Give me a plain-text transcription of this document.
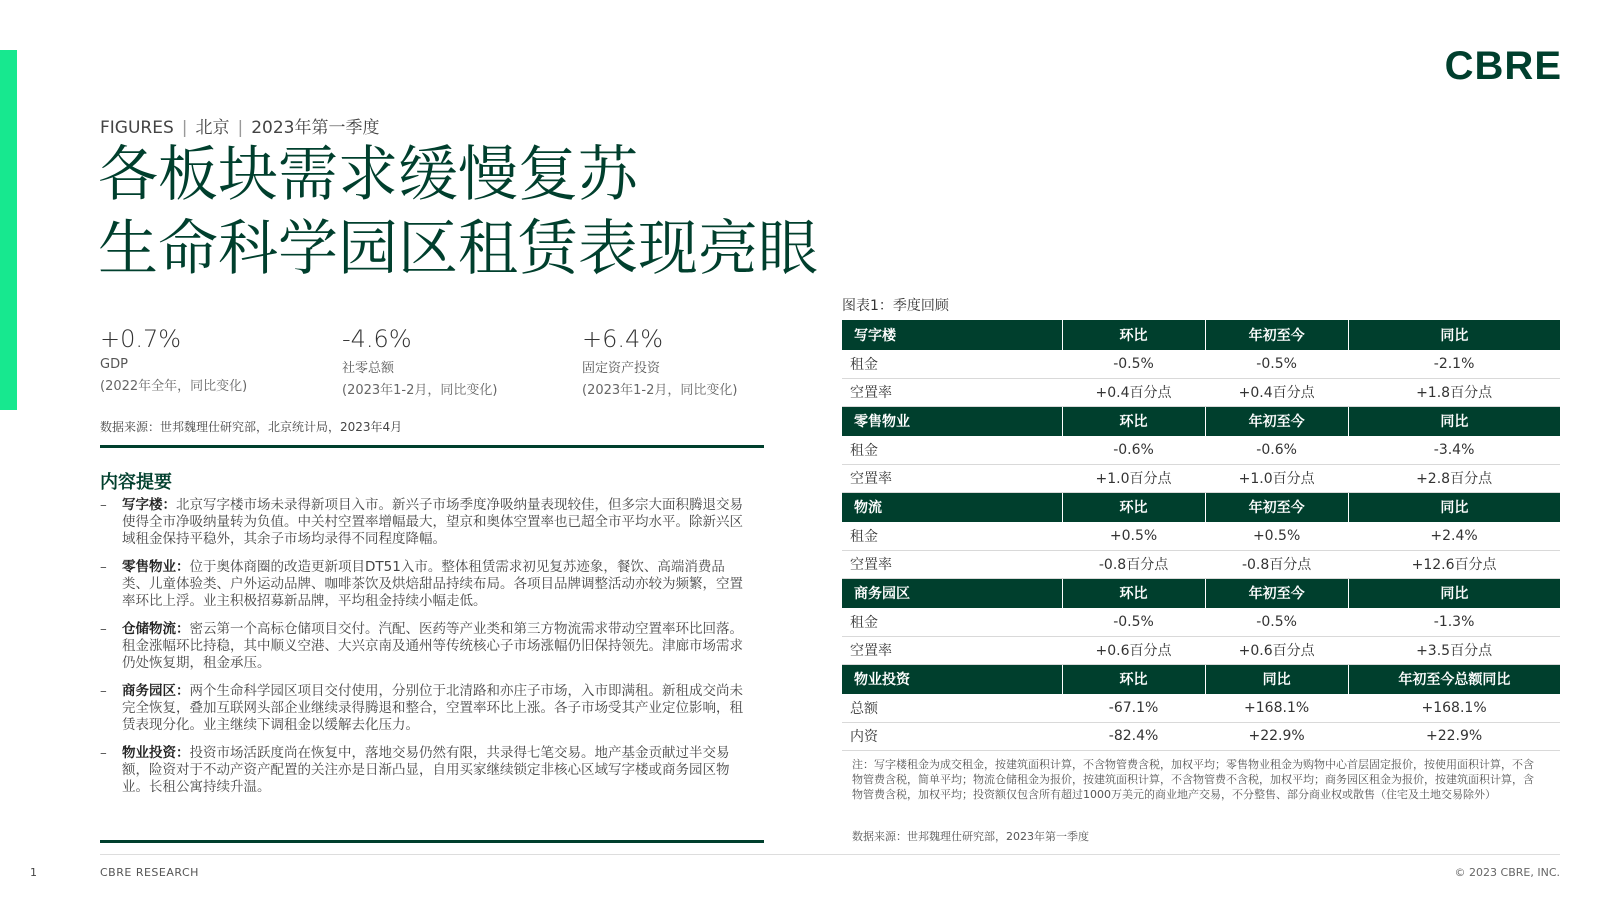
CBRE
FIGURES | 北京 | 2023年第一季度
各板块需求缓慢复苏
生命科学园区租赁表现亮眼
+0.7%
GDP
(2022年全年，同比变化)
-4.6%
社零总额
(2023年1-2月，同比变化)
+6.4%
固定资产投资
(2023年1-2月，同比变化)
数据来源：世邦魏理仕研究部，北京统计局，2023年4月
内容提要
– 写字楼：北京写字楼市场未录得新项目入市。新兴子市场季度净吸纳量表现较佳，但多宗大面积腾退交易使得全市净吸纳量转为负值。中关村空置率增幅最大，望京和奥体空置率也已超全市平均水平。除新兴区域租金保持平稳外，其余子市场均录得不同程度降幅。
– 零售物业：位于奥体商圈的改造更新项目DT51入市。整体租赁需求初见复苏迹象，餐饮、高端消费品类、儿童体验类、户外运动品牌、咖啡茶饮及烘焙甜品持续布局。各项目品牌调整活动亦较为频繁，空置率环比上浮。业主积极招募新品牌，平均租金持续小幅走低。
– 仓储物流：密云第一个高标仓储项目交付。汽配、医药等产业类和第三方物流需求带动空置率环比回落。租金涨幅环比持稳，其中顺义空港、大兴京南及通州等传统核心子市场涨幅仍旧保持领先。津廊市场需求仍处恢复期，租金承压。
– 商务园区：两个生命科学园区项目交付使用，分别位于北清路和亦庄子市场，入市即满租。新租成交尚未完全恢复，叠加互联网头部企业继续录得腾退和整合，空置率环比上涨。各子市场受其产业定位影响，租赁表现分化。业主继续下调租金以缓解去化压力。
– 物业投资：投资市场活跃度尚在恢复中，落地交易仍然有限，共录得七笔交易。地产基金贡献过半交易额，险资对于不动产资产配置的关注亦是日渐凸显，自用买家继续锁定非核心区域写字楼或商务园区物业。长租公寓持续升温。
图表1：季度回顾
写字楼	环比	年初至今	同比
租金	-0.5%	-0.5%	-2.1%
空置率	+0.4百分点	+0.4百分点	+1.8百分点
零售物业	环比	年初至今	同比
租金	-0.6%	-0.6%	-3.4%
空置率	+1.0百分点	+1.0百分点	+2.8百分点
物流	环比	年初至今	同比
租金	+0.5%	+0.5%	+2.4%
空置率	-0.8百分点	-0.8百分点	+12.6百分点
商务园区	环比	年初至今	同比
租金	-0.5%	-0.5%	-1.3%
空置率	+0.6百分点	+0.6百分点	+3.5百分点
物业投资	环比	同比	年初至今总额同比
总额	-67.1%	+168.1%	+168.1%
内资	-82.4%	+22.9%	+22.9%
注：写字楼租金为成交租金，按建筑面积计算，不含物管费含税，加权平均；零售物业租金为购物中心首层固定报价，按使用面积计算，不含物管费含税，简单平均；物流仓储租金为报价，按建筑面积计算，不含物管费不含税，加权平均；商务园区租金为报价，按建筑面积计算，含物管费含税，加权平均；投资额仅包含所有超过1000万美元的商业地产交易，不分整售、部分商业权或散售（住宅及土地交易除外）
数据来源：世邦魏理仕研究部，2023年第一季度
1	CBRE RESEARCH	© 2023 CBRE, INC.
